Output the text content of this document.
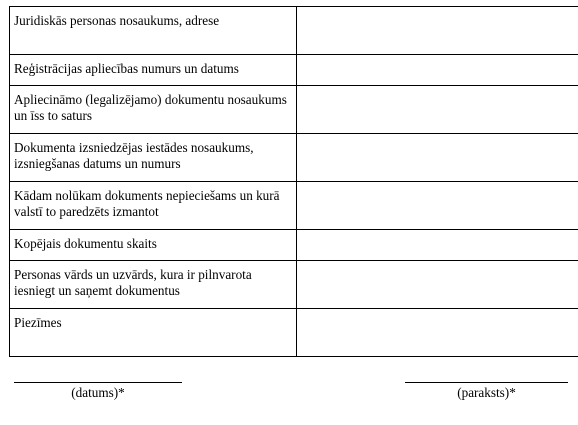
Juridiskās personas nosaukums, adrese	
Reģistrācijas apliecības numurs un datums	
Apliecināmo (legalizējamo) dokumentu nosaukums un īss to saturs	
Dokumenta izsniedzējas iestādes nosaukums, izsniegšanas datums un numurs	
Kādam nolūkam dokuments nepieciešams un kurā valstī to paredzēts izmantot	
Kopējais dokumentu skaits	
Personas vārds un uzvārds, kura ir pilnvarota iesniegt un saņemt dokumentus	
Piezīmes	
(datums)*	(paraksts)*
